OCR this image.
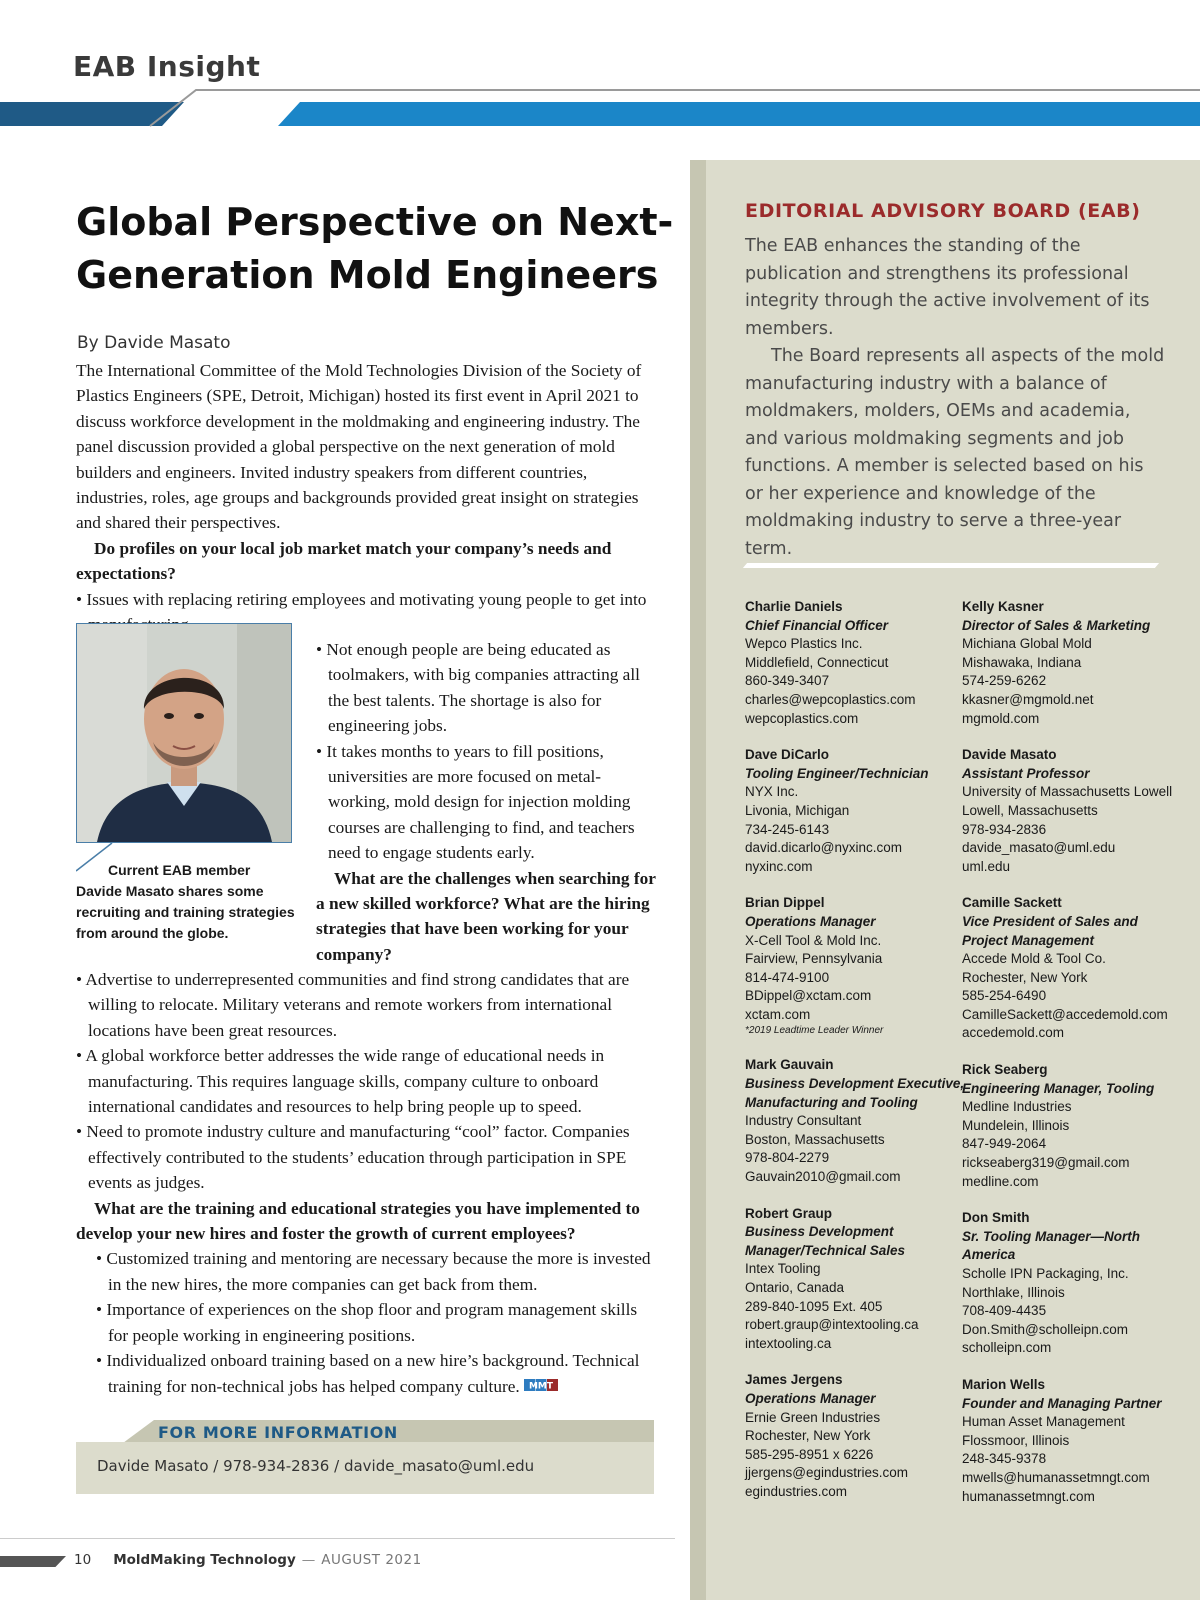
EAB Insight
Global Perspective on Next-Generation Mold Engineers
By Davide Masato

The International Committee of the Mold Technologies Division of the Society of Plastics Engineers (SPE, Detroit, Michigan) hosted its first event in April 2021 to discuss workforce development in the moldmaking and engineering industry. The panel discussion provided a global perspective on the next generation of mold builders and engineers. Invited industry speakers from different countries, industries, roles, age groups and backgrounds provided great insight on strategies and shared their perspectives.

Do profiles on your local job market match your company’s needs and expectations?

• Issues with replacing retiring employees and motivating young people to get into

Current EAB member Davide Masato shares some recruiting and training strategies from around the globe.

• Not enough people are being educated as toolmakers, with big companies attracting all the best talents. The shortage is also for engineering jobs.

• It takes months to years to fill positions, universities are more focused on metal-working, mold design for injection molding courses are challenging to find, and teachers need to engage students early.

What are the challenges when searching for a new skilled workforce? What are the hiring strategies that have been working for your company?

• Advertise to underrepresented communities and find strong candidates that are willing to relocate. Military veterans and remote workers from international locations have been great resources.

• A global workforce better addresses the wide range of educational needs in manufacturing. This requires language skills, company culture to onboard international candidates and resources to help bring people up to speed.

• Need to promote industry culture and manufacturing “cool” factor. Companies effectively contributed to the students’ education through participation in SPE events as judges.

What are the training and educational strategies you have implemented to develop your new hires and foster the growth of current employees?

• Customized training and mentoring are necessary because the more is invested in the new hires, the more companies can get back from them.

• Importance of experiences on the shop floor and program management skills for people working in engineering positions.

• Individualized onboard training based on a new hire’s background. Technical training for non-technical jobs has helped company culture. MMT

FOR MORE INFORMATION
Davide Masato / 978-934-2836 / davide_masato@uml.edu
EDITORIAL ADVISORY BOARD (EAB)

The EAB enhances the standing of the publication and strengthens its professional integrity through the active involvement of its members.

The Board represents all aspects of the mold manufacturing industry with a balance of moldmakers, molders, OEMs and academia, and various moldmaking segments and job functions. A member is selected based on his or her experience and knowledge of the moldmaking industry to serve a three-year term.

Charlie Daniels
Chief Financial Officer
Wepco Plastics Inc.
Middlefield, Connecticut
860-349-3407
charles@wepcoplastics.com
wepcoplastics.com
Dave DiCarlo
Tooling Engineer/Technician
NYX Inc.
Livonia, Michigan
734-245-6143
david.dicarlo@nyxinc.com
nyxinc.com
Brian Dippel
Operations Manager
X-Cell Tool & Mold Inc.
Fairview, Pennsylvania
814-474-9100
BDippel@xctam.com
xctam.com
*2019 Leadtime Leader Winner
Mark Gauvain
Business Development Executive, Manufacturing and Tooling
Industry Consultant
Boston, Massachusetts
978-804-2279
Gauvain2010@gmail.com
Robert Graup
Business Development Manager/Technical Sales
Intex Tooling
Ontario, Canada
289-840-1095 Ext. 405
robert.graup@intextooling.ca
intextooling.ca
James Jergens
Operations Manager
Ernie Green Industries
Rochester, New York
585-295-8951 x 6226
jjergens@egindustries.com
egindustries.com
Kelly Kasner
Director of Sales & Marketing
Michiana Global Mold
Mishawaka, Indiana
574-259-6262
kkasner@mgmold.net
mgmold.com
Davide Masato
Assistant Professor
University of Massachusetts Lowell
Lowell, Massachusetts
978-934-2836
davide_masato@uml.edu
uml.edu
Camille Sackett
Vice President of Sales and Project Management
Accede Mold & Tool Co.
Rochester, New York
585-254-6490
CamilleSackett@accedemold.com
accedemold.com
Rick Seaberg
Engineering Manager, Tooling
Medline Industries
Mundelein, Illinois
847-949-2064
rickseaberg319@gmail.com
medline.com
Don Smith
Sr. Tooling Manager—North America
Scholle IPN Packaging, Inc.
Northlake, Illinois
708-409-4435
Don.Smith@scholleipn.com
scholleipn.com
Marion Wells
Founder and Managing Partner
Human Asset Management
Flossmoor, Illinois
248-345-9378
mwells@humanassetmngt.com
humanassetmngt.com
10 MoldMaking Technology — AUGUST 2021
